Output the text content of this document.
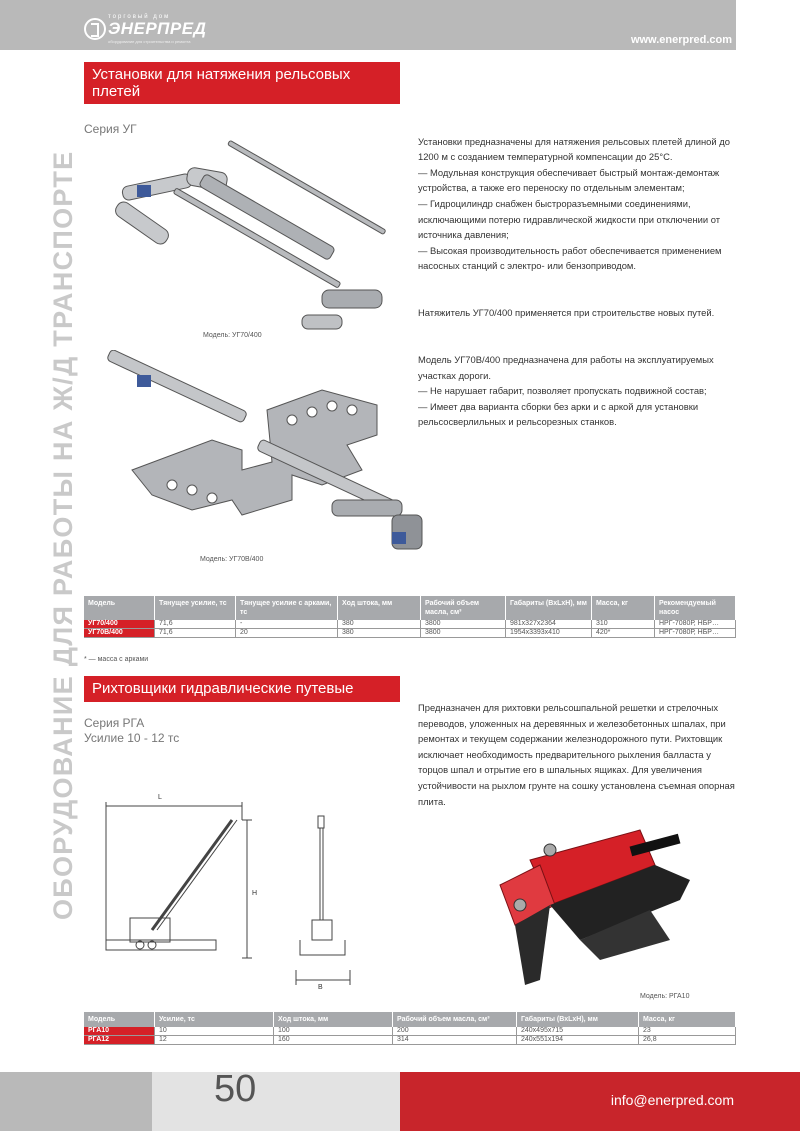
торговый дом
ЭНЕРПРЕД
оборудование для строительства и ремонта	www.enerpred.com
ОБОРУДОВАНИЕ ДЛЯ РАБОТЫ НА Ж/Д ТРАНСПОРТЕ
Установки для натяжения рельсовых плетей
Серия УГ
Модель: УГ70/400
Модель: УГ70В/400

Установки предназначены для натяжения рельсовых плетей длиной до 1200 м с созданием температурной компенсации до 25°С.
— Модульная конструкция обеспечивает быстрый монтаж-демонтаж устройства, а также его переноску по отдельным элементам;
— Гидроцилиндр снабжен быстроразъемными соединениями, исключающими потерю гидравлической жидкости при отключении от источника давления;
— Высокая производительность работ обеспечивается применением насосных станций с электро- или бензоприводом.

Натяжитель УГ70/400 применяется при строительстве новых путей.

Модель УГ70В/400 предназначена для работы на эксплуатируемых участках дороги.
— Не нарушает габарит, позволяет пропускать подвижной состав;
— Имеет два варианта сборки без арки и с аркой для установки рельсосверлильных и рельсорезных станков.

Модель	Тянущее усилие, тс	Тянущее усилие с арками, тс	Ход штока, мм	Рабочий объем масла, см³	Габариты (ВхLхН), мм	Масса, кг	Рекомендуемый насос
УГ70/400	71,6	-	380	3800	981х327х2364	310	НРГ-7080Р, НБР…
УГ70В/400	71,6	20	380	3800	1954х3393х410	420*	НРГ-7080Р, НБР…
* — масса с арками
Рихтовщики гидравлические путевые
Серия РГА
Усилие 10 - 12 тс
Предназначен для рихтовки рельсошпальной решетки и стрелочных переводов, уложенных на деревянных и железобетонных шпалах, при ремонтах и текущем содержании железнодорожного пути. Рихтовщик исключает необходимость предварительного рыхления балласта у торцов шпал и отрытие его в шпальных ящиках. Для увеличения устойчивости на рыхлом грунте на сошку установлена съемная опорная плита.
L
H
B
Модель: РГА10
Модель	Усилие, тс	Ход штока, мм	Рабочий объем масла, см³	Габариты (ВхLхН), мм	Масса, кг
РГА10	10	100	200	240х495х715	23
РГА12	12	160	314	240х551х194	26,8
50	info@enerpred.com
